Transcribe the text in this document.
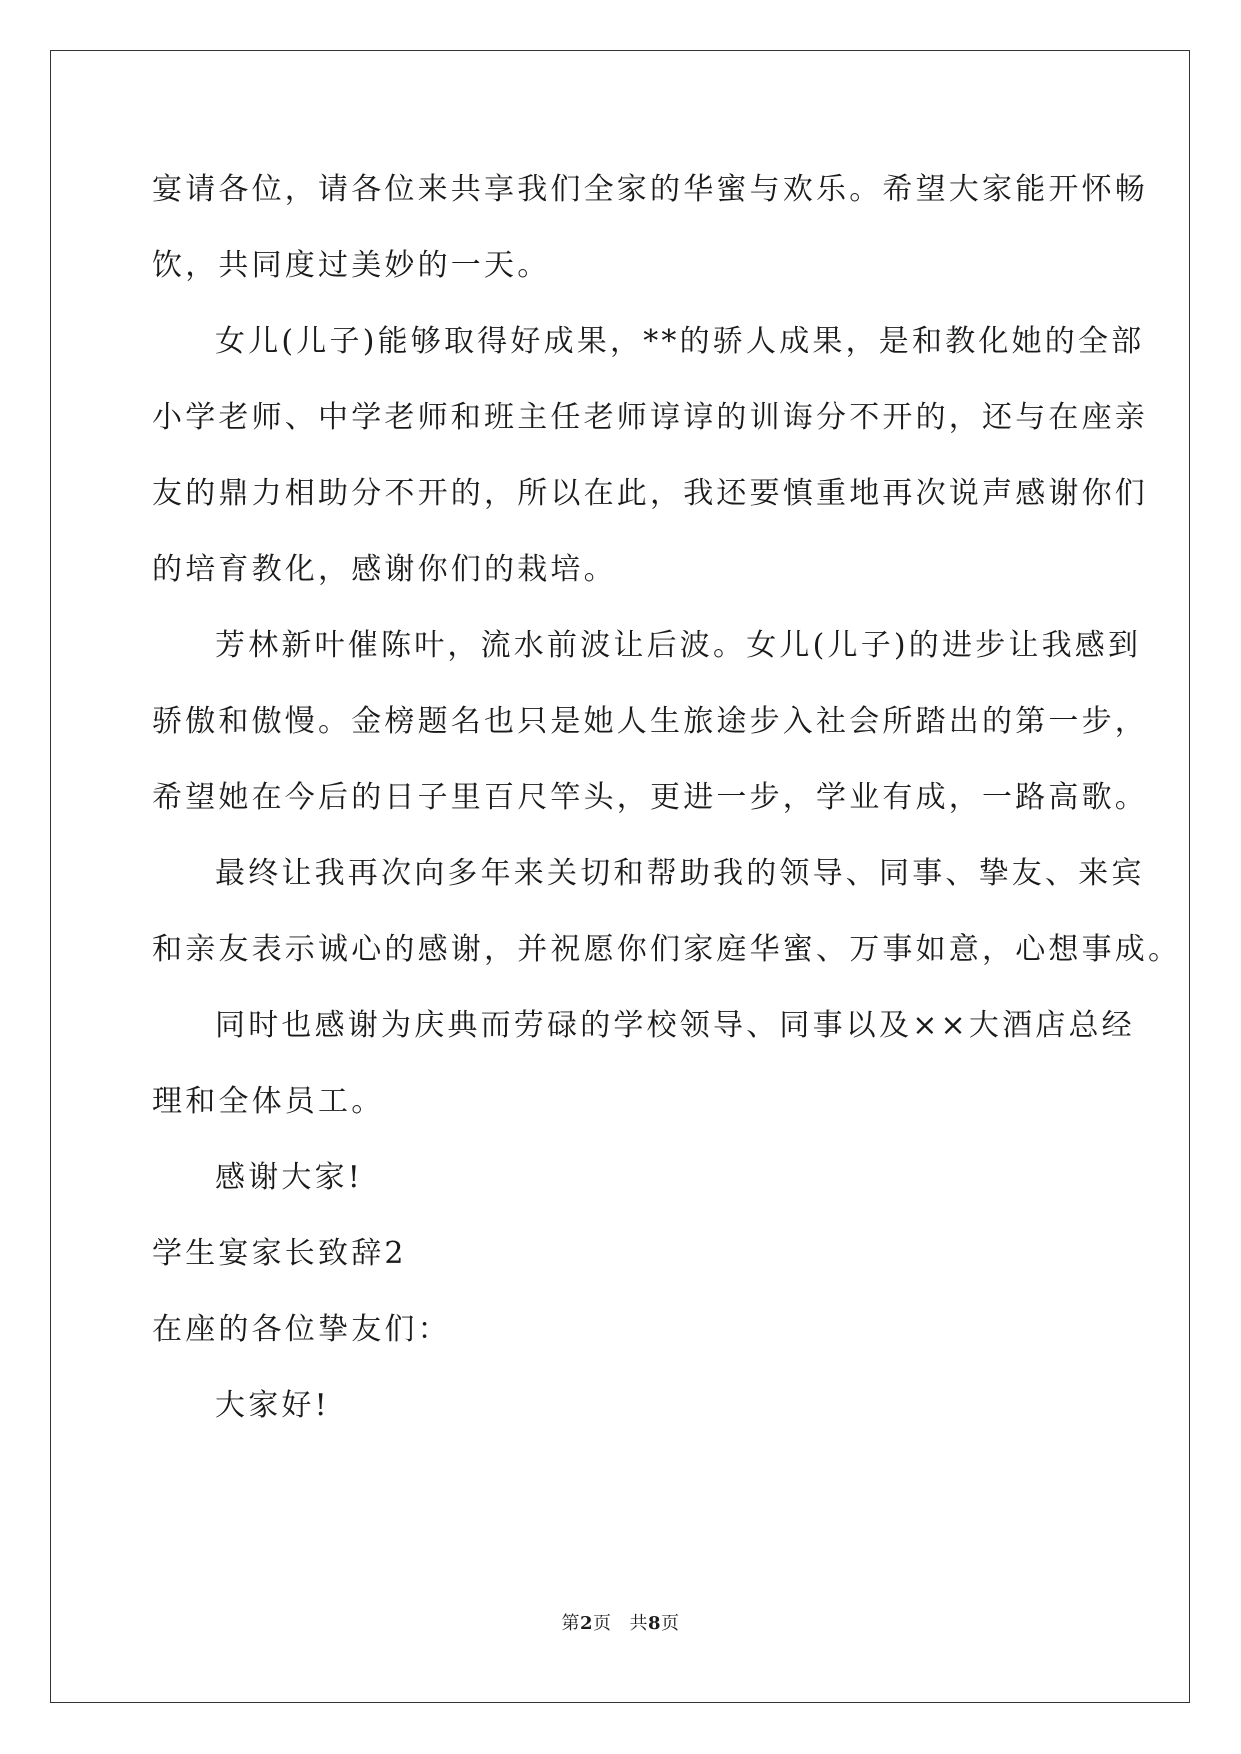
宴请各位，请各位来共享我们全家的华蜜与欢乐。希望大家能开怀畅
饮，共同度过美妙的一天。
女儿(儿子)能够取得好成果，**的骄人成果，是和教化她的全部
小学老师、中学老师和班主任老师谆谆的训诲分不开的，还与在座亲
友的鼎力相助分不开的，所以在此，我还要慎重地再次说声感谢你们
的培育教化，感谢你们的栽培。
芳林新叶催陈叶，流水前波让后波。女儿(儿子)的进步让我感到
骄傲和傲慢。金榜题名也只是她人生旅途步入社会所踏出的第一步，
希望她在今后的日子里百尺竿头，更进一步，学业有成，一路高歌。
最终让我再次向多年来关切和帮助我的领导、同事、挚友、来宾
和亲友表示诚心的感谢，并祝愿你们家庭华蜜、万事如意，心想事成。
同时也感谢为庆典而劳碌的学校领导、同事以及××大酒店总经
理和全体员工。
感谢大家!
学生宴家长致辞2
在座的各位挚友们：
大家好!
第2页 共8页
